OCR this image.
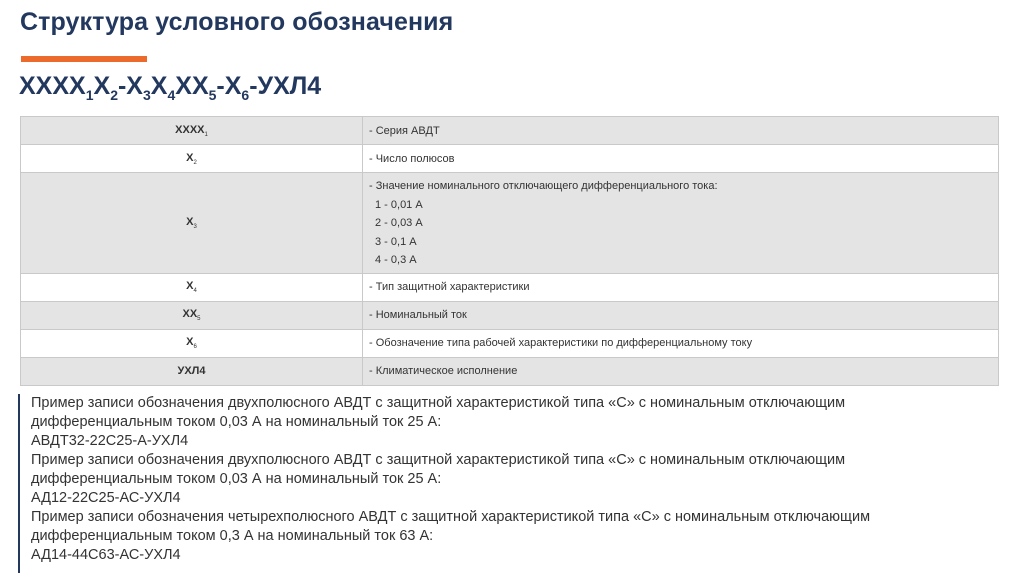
Структура условного обозначения
$XXXX_1X_2-X_3X_4XX_5-X_6-УХЛ4$
$XXXX_1$	- Серия АВДТ
$X_2$	- Число полюсов
$X_3$	- Значение номинального отключающего дифференциального тока:
1 - 0,01 А
2 - 0,03 А
3 - 0,1 А
4 - 0,3 А

$X_4$	- Тип защитной характеристики
$XX_5$	- Номинальный ток
$X_6$	- Обозначение типа рабочей характеристики по дифференциальному току
УХЛ4	- Климатическое исполнение

Пример записи обозначения двухполюсного АВДТ с защитной характеристикой типа «С» с номинальным отключающим дифференциальным током 0,03 А на номинальный ток 25 А:

АВДТ32-22С25-А-УХЛ4

Пример записи обозначения двухполюсного АВДТ с защитной характеристикой типа «С» с номинальным отключающим дифференциальным током 0,03 А на номинальный ток 25 А:

АД12-22С25-АС-УХЛ4

Пример записи обозначения четырехполюсного АВДТ с защитной характеристикой типа «С» с номинальным отключающим дифференциальным током 0,3 А на номинальный ток 63 А:

АД14-44С63-АС-УХЛ4
